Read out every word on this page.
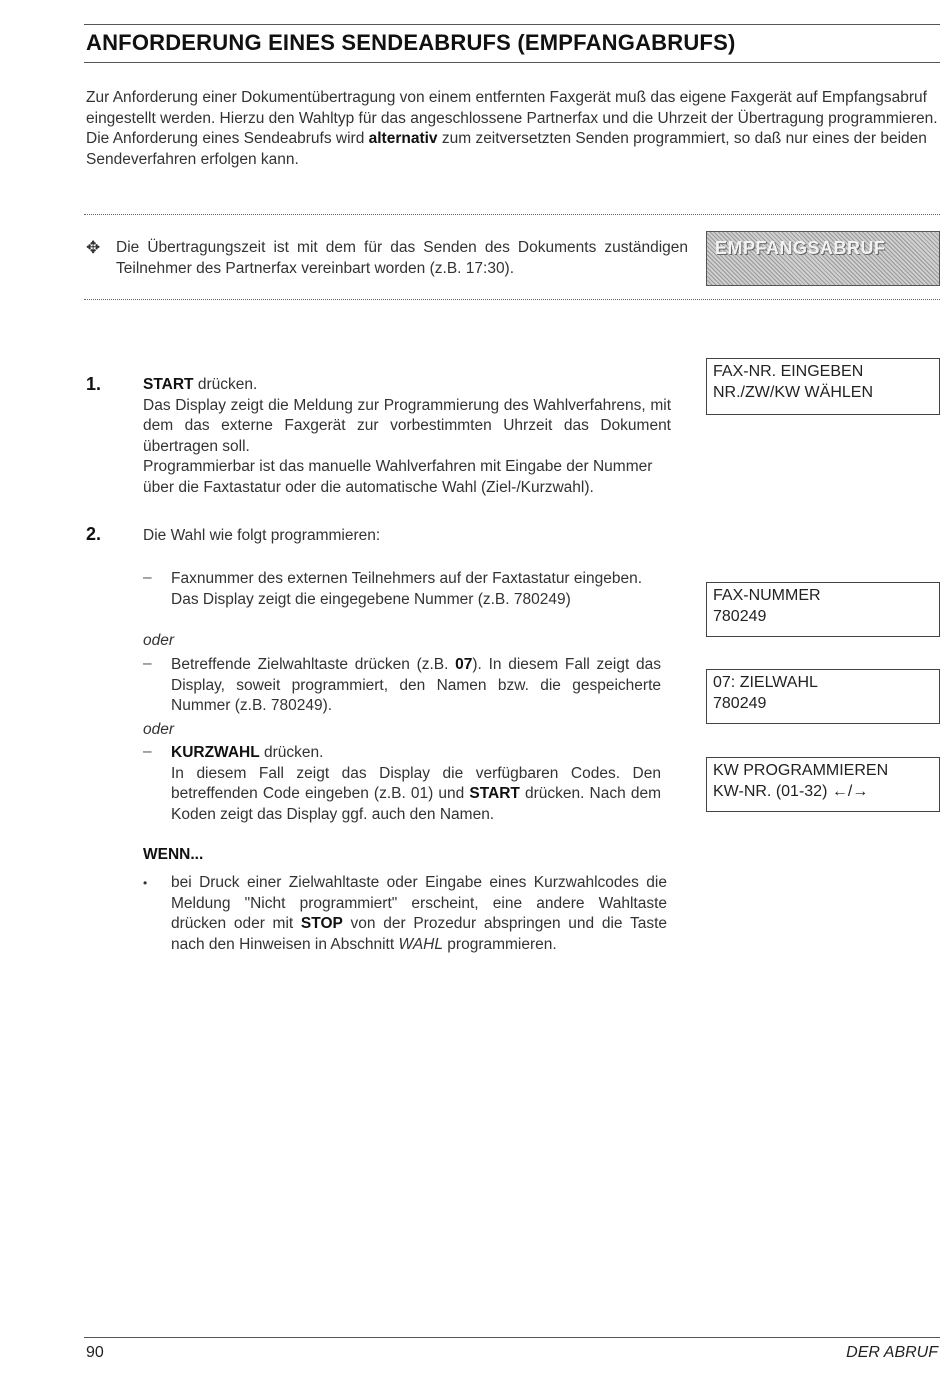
ANFORDERUNG EINES SENDEABRUFS (EMPFANGABRUFS)

Zur Anforderung einer Dokumentübertragung von einem entfernten Faxgerät muß das eigene Faxgerät auf Empfangsabruf eingestellt werden. Hierzu den Wahltyp für das angeschlossene Partnerfax und die Uhrzeit der Übertragung programmieren.

Die Anforderung eines Sendeabrufs wird alternativ zum zeitversetzten Senden programmiert, so daß nur eines der beiden Sendeverfahren erfolgen kann.

✥ Die Übertragungszeit ist mit dem für das Senden des Dokuments zuständigen Teilnehmer des Partnerfax vereinbart worden (z.B. 17:30).
EMPFANGSABRUF
1.	START drücken.

Das Display zeigt die Meldung zur Programmierung des Wahlverfahrens, mit dem das externe Faxgerät zur vorbestimmten Uhrzeit das Dokument übertragen soll.

Programmierbar ist das manuelle Wahlverfahren mit Eingabe der Nummer über die Faxtastatur oder die automatische Wahl (Ziel-/Kurzwahl).

FAX-NR. EINGEBEN
NR./ZW/KW WÄHLEN
2.	Die Wahl wie folgt programmieren:
– Faxnummer des externen Teilnehmers auf der Faxtastatur eingeben.

Das Display zeigt die eingegebene Nummer (z.B. 780249)

oder
FAX-NUMMER
780249
– Betreffende Zielwahltaste drücken (z.B. 07). In diesem Fall zeigt das Display, soweit programmiert, den Namen bzw. die gespeicherte Nummer (z.B. 780249).
oder
07: ZIELWAHL
780249
– KURZWAHL drücken.

In diesem Fall zeigt das Display die verfügbaren Codes. Den betreffenden Code eingeben (z.B. 01) und START drücken. Nach dem Koden zeigt das Display ggf. auch den Namen.

KW PROGRAMMIEREN
KW-NR. (01-32) ←/→
WENN...
• bei Druck einer Zielwahltaste oder Eingabe eines Kurzwahlcodes die Meldung "Nicht programmiert" erscheint, eine andere Wahltaste drücken oder mit STOP von der Prozedur abspringen und die Taste nach den Hinweisen in Abschnitt WAHL programmieren.
90	DER ABRUF
